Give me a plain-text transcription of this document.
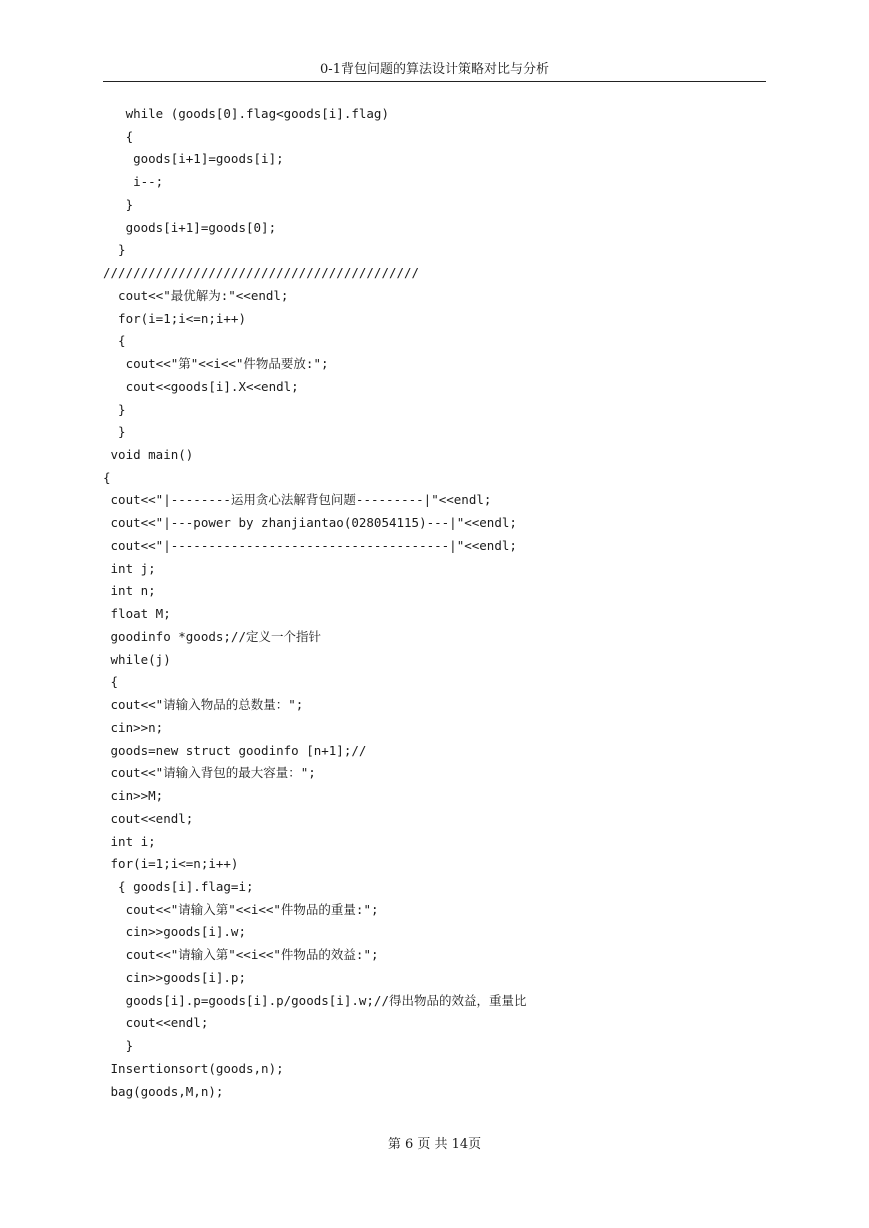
0-1背包问题的算法设计策略对比与分析
while (goods[0].flag<goods[i].flag)
{
goods[i+1]=goods[i];
i--;
}
goods[i+1]=goods[0];
}
//////////////////////////////////////////
cout<<"最优解为:"<<endl;
for(i=1;i<=n;i++)
{
cout<<"第"<<i<<"件物品要放:";
cout<<goods[i].X<<endl;
}
}
void main()
{
cout<<"|--------运用贪心法解背包问题---------|"<<endl;
cout<<"|---power by zhanjiantao(028054115)---|"<<endl;
cout<<"|-------------------------------------|"<<endl;
int j;
int n;
float M;
goodinfo *goods;//定义一个指针
while(j)
{
cout<<"请输入物品的总数量：";
cin>>n;
goods=new struct goodinfo [n+1];//
cout<<"请输入背包的最大容量：";
cin>>M;
cout<<endl;
int i;
for(i=1;i<=n;i++)
{ goods[i].flag=i;
cout<<"请输入第"<<i<<"件物品的重量:";
cin>>goods[i].w;
cout<<"请输入第"<<i<<"件物品的效益:";
cin>>goods[i].p;
goods[i].p=goods[i].p/goods[i].w;//得出物品的效益，重量比
cout<<endl;
}
Insertionsort(goods,n);
bag(goods,M,n);
第 6 页 共 14页
